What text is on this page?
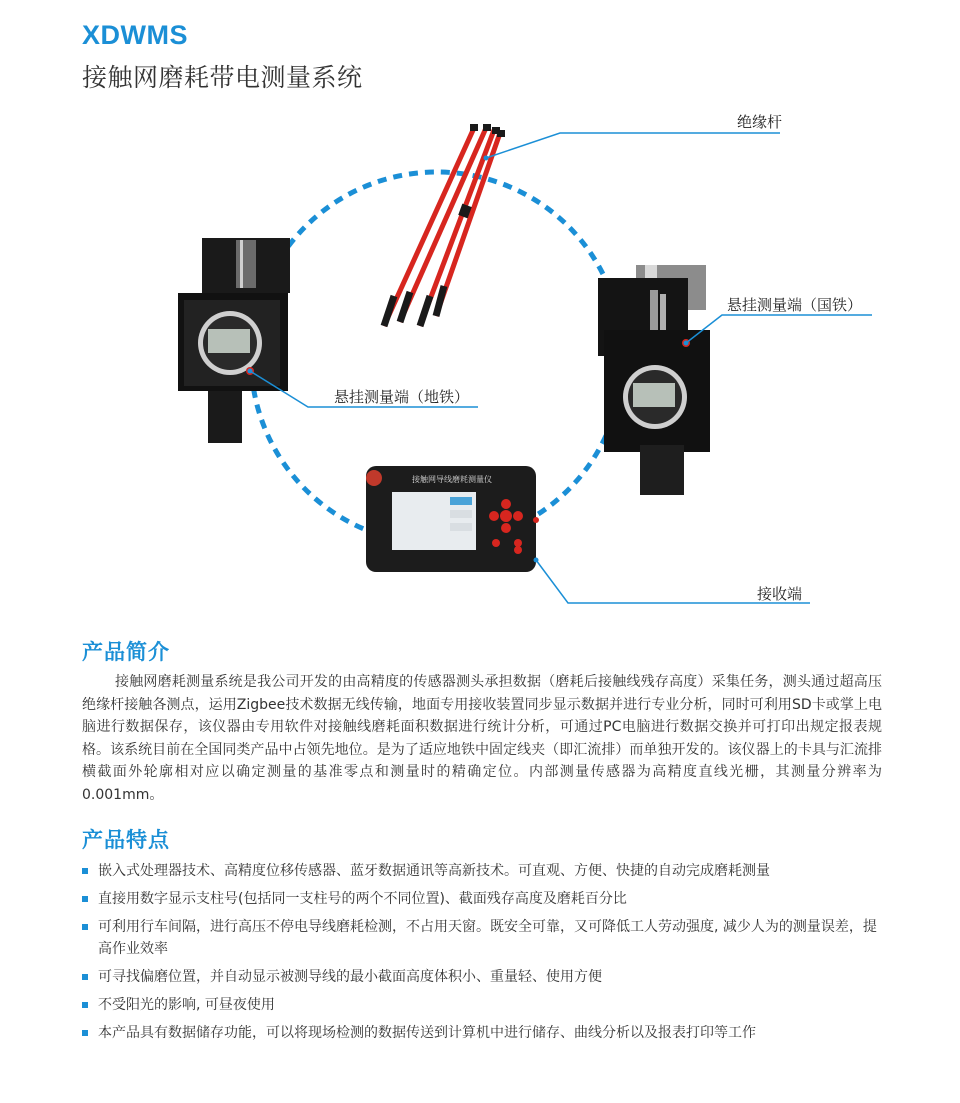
XDWMS
接触网磨耗带电测量系统
绝缘杆
悬挂测量端（国铁）
悬挂测量端（地铁）
接触网导线磨耗测量仪
接收端
产品简介

接触网磨耗测量系统是我公司开发的由高精度的传感器测头承担数据（磨耗后接触线残存高度）采集任务，测头通过超高压绝缘杆接触各测点，运用Zigbee技术数据无线传输，地面专用接收装置同步显示数据并进行专业分析，同时可利用SD卡或掌上电脑进行数据保存，该仪器由专用软件对接触线磨耗面积数据进行统计分析，可通过PC电脑进行数据交换并可打印出规定报表规格。该系统目前在全国同类产品中占领先地位。是为了适应地铁中固定线夹（即汇流排）而单独开发的。该仪器上的卡具与汇流排横截面外轮廓相对应以确定测量的基准零点和测量时的精确定位。内部测量传感器为高精度直线光栅，其测量分辨率为0.001mm。

产品特点
嵌入式处理器技术、高精度位移传感器、蓝牙数据通讯等高新技术。可直观、方便、快捷的自动完成磨耗测量
直接用数字显示支柱号(包括同一支柱号的两个不同位置)、截面残存高度及磨耗百分比
可利用行车间隔，进行高压不停电导线磨耗检测，不占用天窗。既安全可靠，又可降低工人劳动强度, 减少人为的测量误差，提高作业效率
可寻找偏磨位置，并自动显示被测导线的最小截面高度体积小、重量轻、使用方便
不受阳光的影响, 可昼夜使用
本产品具有数据储存功能，可以将现场检测的数据传送到计算机中进行储存、曲线分析以及报表打印等工作
